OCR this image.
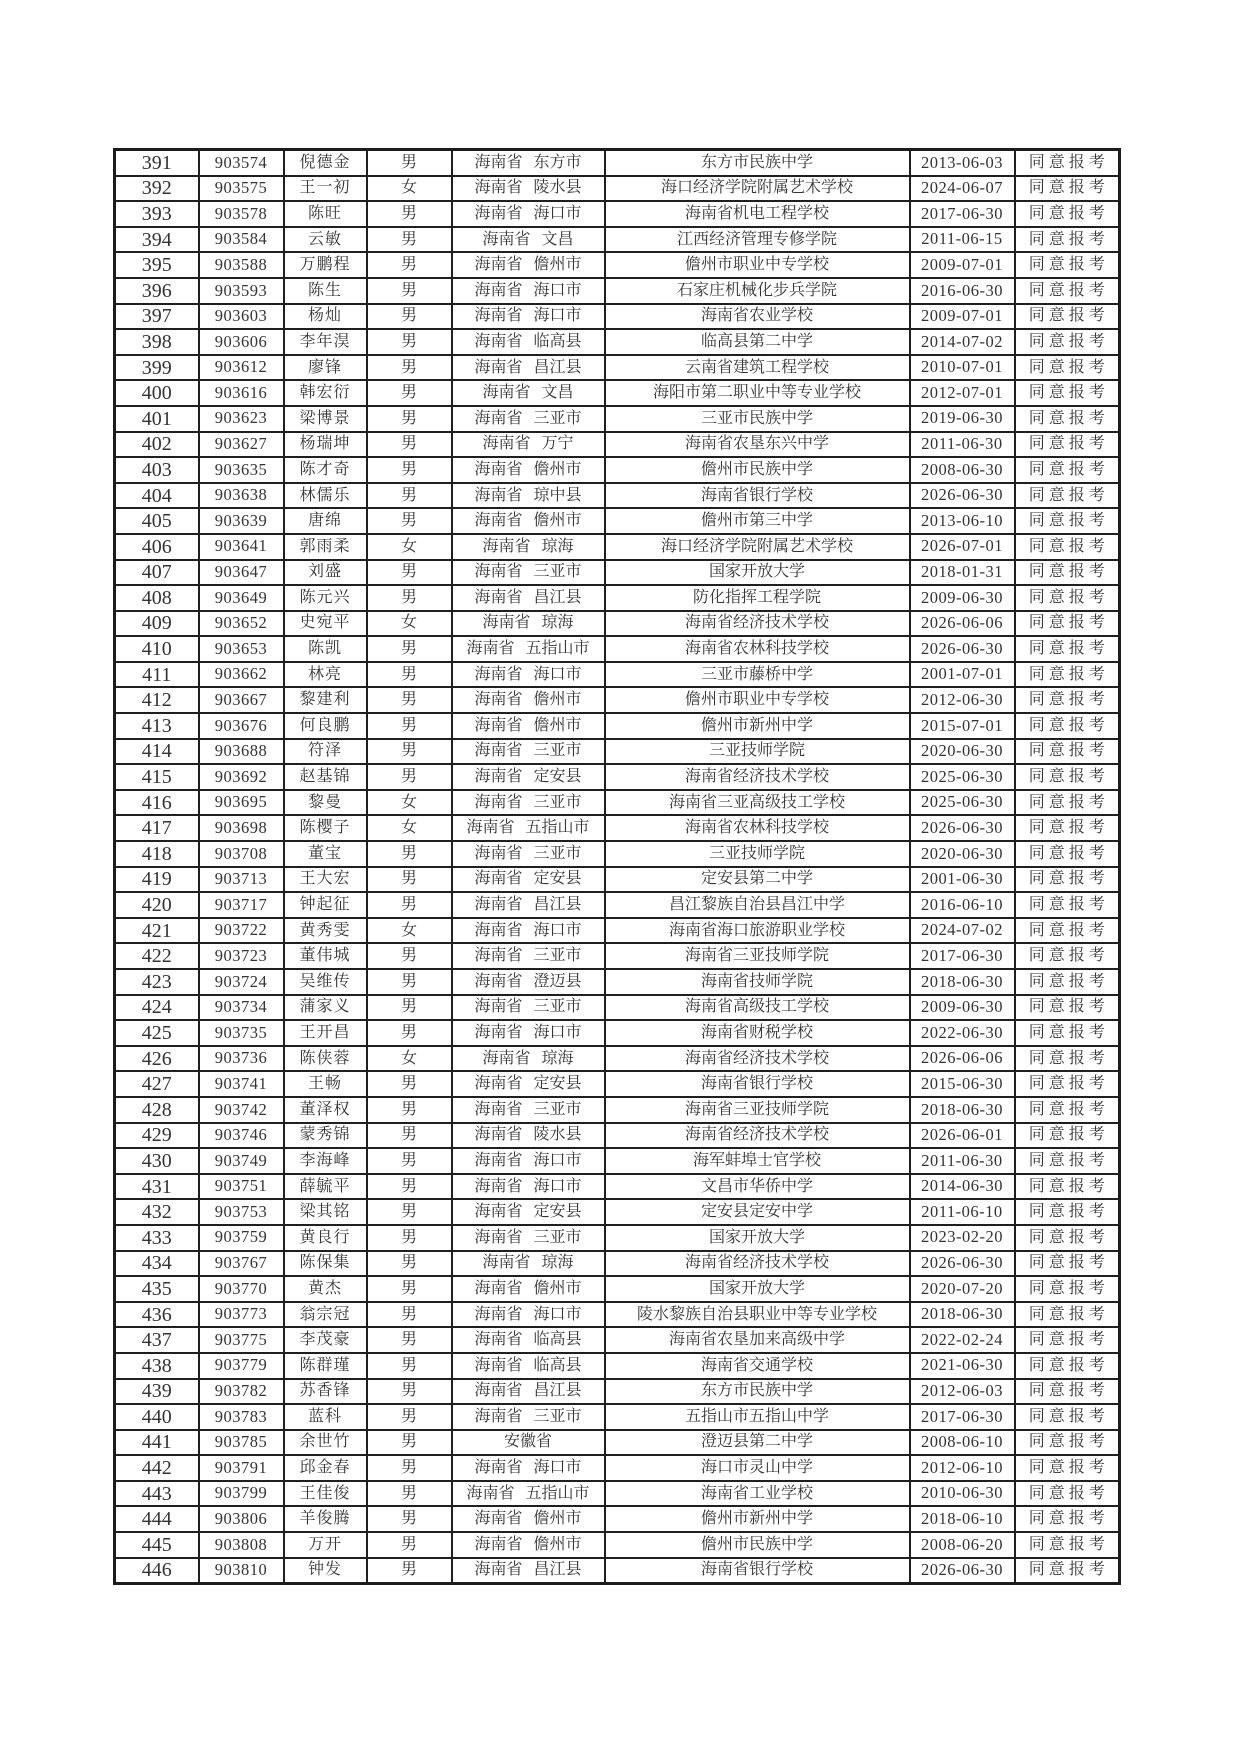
391	903574	倪德金	男	海南省 东方市	东方市民族中学	2013-06-03	同意报考
392	903575	王一初	女	海南省 陵水县	海口经济学院附属艺术学校	2024-06-07	同意报考
393	903578	陈旺	男	海南省 海口市	海南省机电工程学校	2017-06-30	同意报考
394	903584	云敏	男	海南省 文昌	江西经济管理专修学院	2011-06-15	同意报考
395	903588	万鹏程	男	海南省 儋州市	儋州市职业中专学校	2009-07-01	同意报考
396	903593	陈生	男	海南省 海口市	石家庄机械化步兵学院	2016-06-30	同意报考
397	903603	杨灿	男	海南省 海口市	海南省农业学校	2009-07-01	同意报考
398	903606	李年淏	男	海南省 临高县	临高县第二中学	2014-07-02	同意报考
399	903612	廖锋	男	海南省 昌江县	云南省建筑工程学校	2010-07-01	同意报考
400	903616	韩宏衍	男	海南省 文昌	海阳市第二职业中等专业学校	2012-07-01	同意报考
401	903623	梁博景	男	海南省 三亚市	三亚市民族中学	2019-06-30	同意报考
402	903627	杨瑞坤	男	海南省 万宁	海南省农垦东兴中学	2011-06-30	同意报考
403	903635	陈才奇	男	海南省 儋州市	儋州市民族中学	2008-06-30	同意报考
404	903638	林儒乐	男	海南省 琼中县	海南省银行学校	2026-06-30	同意报考
405	903639	唐绵	男	海南省 儋州市	儋州市第三中学	2013-06-10	同意报考
406	903641	郭雨柔	女	海南省 琼海	海口经济学院附属艺术学校	2026-07-01	同意报考
407	903647	刘盛	男	海南省 三亚市	国家开放大学	2018-01-31	同意报考
408	903649	陈元兴	男	海南省 昌江县	防化指挥工程学院	2009-06-30	同意报考
409	903652	史宛平	女	海南省 琼海	海南省经济技术学校	2026-06-06	同意报考
410	903653	陈凯	男	海南省 五指山市	海南省农林科技学校	2026-06-30	同意报考
411	903662	林亮	男	海南省 海口市	三亚市藤桥中学	2001-07-01	同意报考
412	903667	黎建利	男	海南省 儋州市	儋州市职业中专学校	2012-06-30	同意报考
413	903676	何良鹏	男	海南省 儋州市	儋州市新州中学	2015-07-01	同意报考
414	903688	符泽	男	海南省 三亚市	三亚技师学院	2020-06-30	同意报考
415	903692	赵基锦	男	海南省 定安县	海南省经济技术学校	2025-06-30	同意报考
416	903695	黎曼	女	海南省 三亚市	海南省三亚高级技工学校	2025-06-30	同意报考
417	903698	陈樱子	女	海南省 五指山市	海南省农林科技学校	2026-06-30	同意报考
418	903708	董宝	男	海南省 三亚市	三亚技师学院	2020-06-30	同意报考
419	903713	王大宏	男	海南省 定安县	定安县第二中学	2001-06-30	同意报考
420	903717	钟起征	男	海南省 昌江县	昌江黎族自治县昌江中学	2016-06-10	同意报考
421	903722	黄秀雯	女	海南省 海口市	海南省海口旅游职业学校	2024-07-02	同意报考
422	903723	董伟城	男	海南省 三亚市	海南省三亚技师学院	2017-06-30	同意报考
423	903724	吴维传	男	海南省 澄迈县	海南省技师学院	2018-06-30	同意报考
424	903734	蒲家义	男	海南省 三亚市	海南省高级技工学校	2009-06-30	同意报考
425	903735	王开昌	男	海南省 海口市	海南省财税学校	2022-06-30	同意报考
426	903736	陈侠蓉	女	海南省 琼海	海南省经济技术学校	2026-06-06	同意报考
427	903741	王畅	男	海南省 定安县	海南省银行学校	2015-06-30	同意报考
428	903742	董泽权	男	海南省 三亚市	海南省三亚技师学院	2018-06-30	同意报考
429	903746	蒙秀锦	男	海南省 陵水县	海南省经济技术学校	2026-06-01	同意报考
430	903749	李海峰	男	海南省 海口市	海军蚌埠士官学校	2011-06-30	同意报考
431	903751	薛毓平	男	海南省 海口市	文昌市华侨中学	2014-06-30	同意报考
432	903753	梁其铭	男	海南省 定安县	定安县定安中学	2011-06-10	同意报考
433	903759	黄良行	男	海南省 三亚市	国家开放大学	2023-02-20	同意报考
434	903767	陈保集	男	海南省 琼海	海南省经济技术学校	2026-06-30	同意报考
435	903770	黄杰	男	海南省 儋州市	国家开放大学	2020-07-20	同意报考
436	903773	翁宗冠	男	海南省 海口市	陵水黎族自治县职业中等专业学校	2018-06-30	同意报考
437	903775	李茂豪	男	海南省 临高县	海南省农垦加来高级中学	2022-02-24	同意报考
438	903779	陈群瑾	男	海南省 临高县	海南省交通学校	2021-06-30	同意报考
439	903782	苏香锋	男	海南省 昌江县	东方市民族中学	2012-06-03	同意报考
440	903783	蓝科	男	海南省 三亚市	五指山市五指山中学	2017-06-30	同意报考
441	903785	余世竹	男	安徽省	澄迈县第二中学	2008-06-10	同意报考
442	903791	邱金春	男	海南省 海口市	海口市灵山中学	2012-06-10	同意报考
443	903799	王佳俊	男	海南省 五指山市	海南省工业学校	2010-06-30	同意报考
444	903806	羊俊腾	男	海南省 儋州市	儋州市新州中学	2018-06-10	同意报考
445	903808	万开	男	海南省 儋州市	儋州市民族中学	2008-06-20	同意报考
446	903810	钟发	男	海南省 昌江县	海南省银行学校	2026-06-30	同意报考
